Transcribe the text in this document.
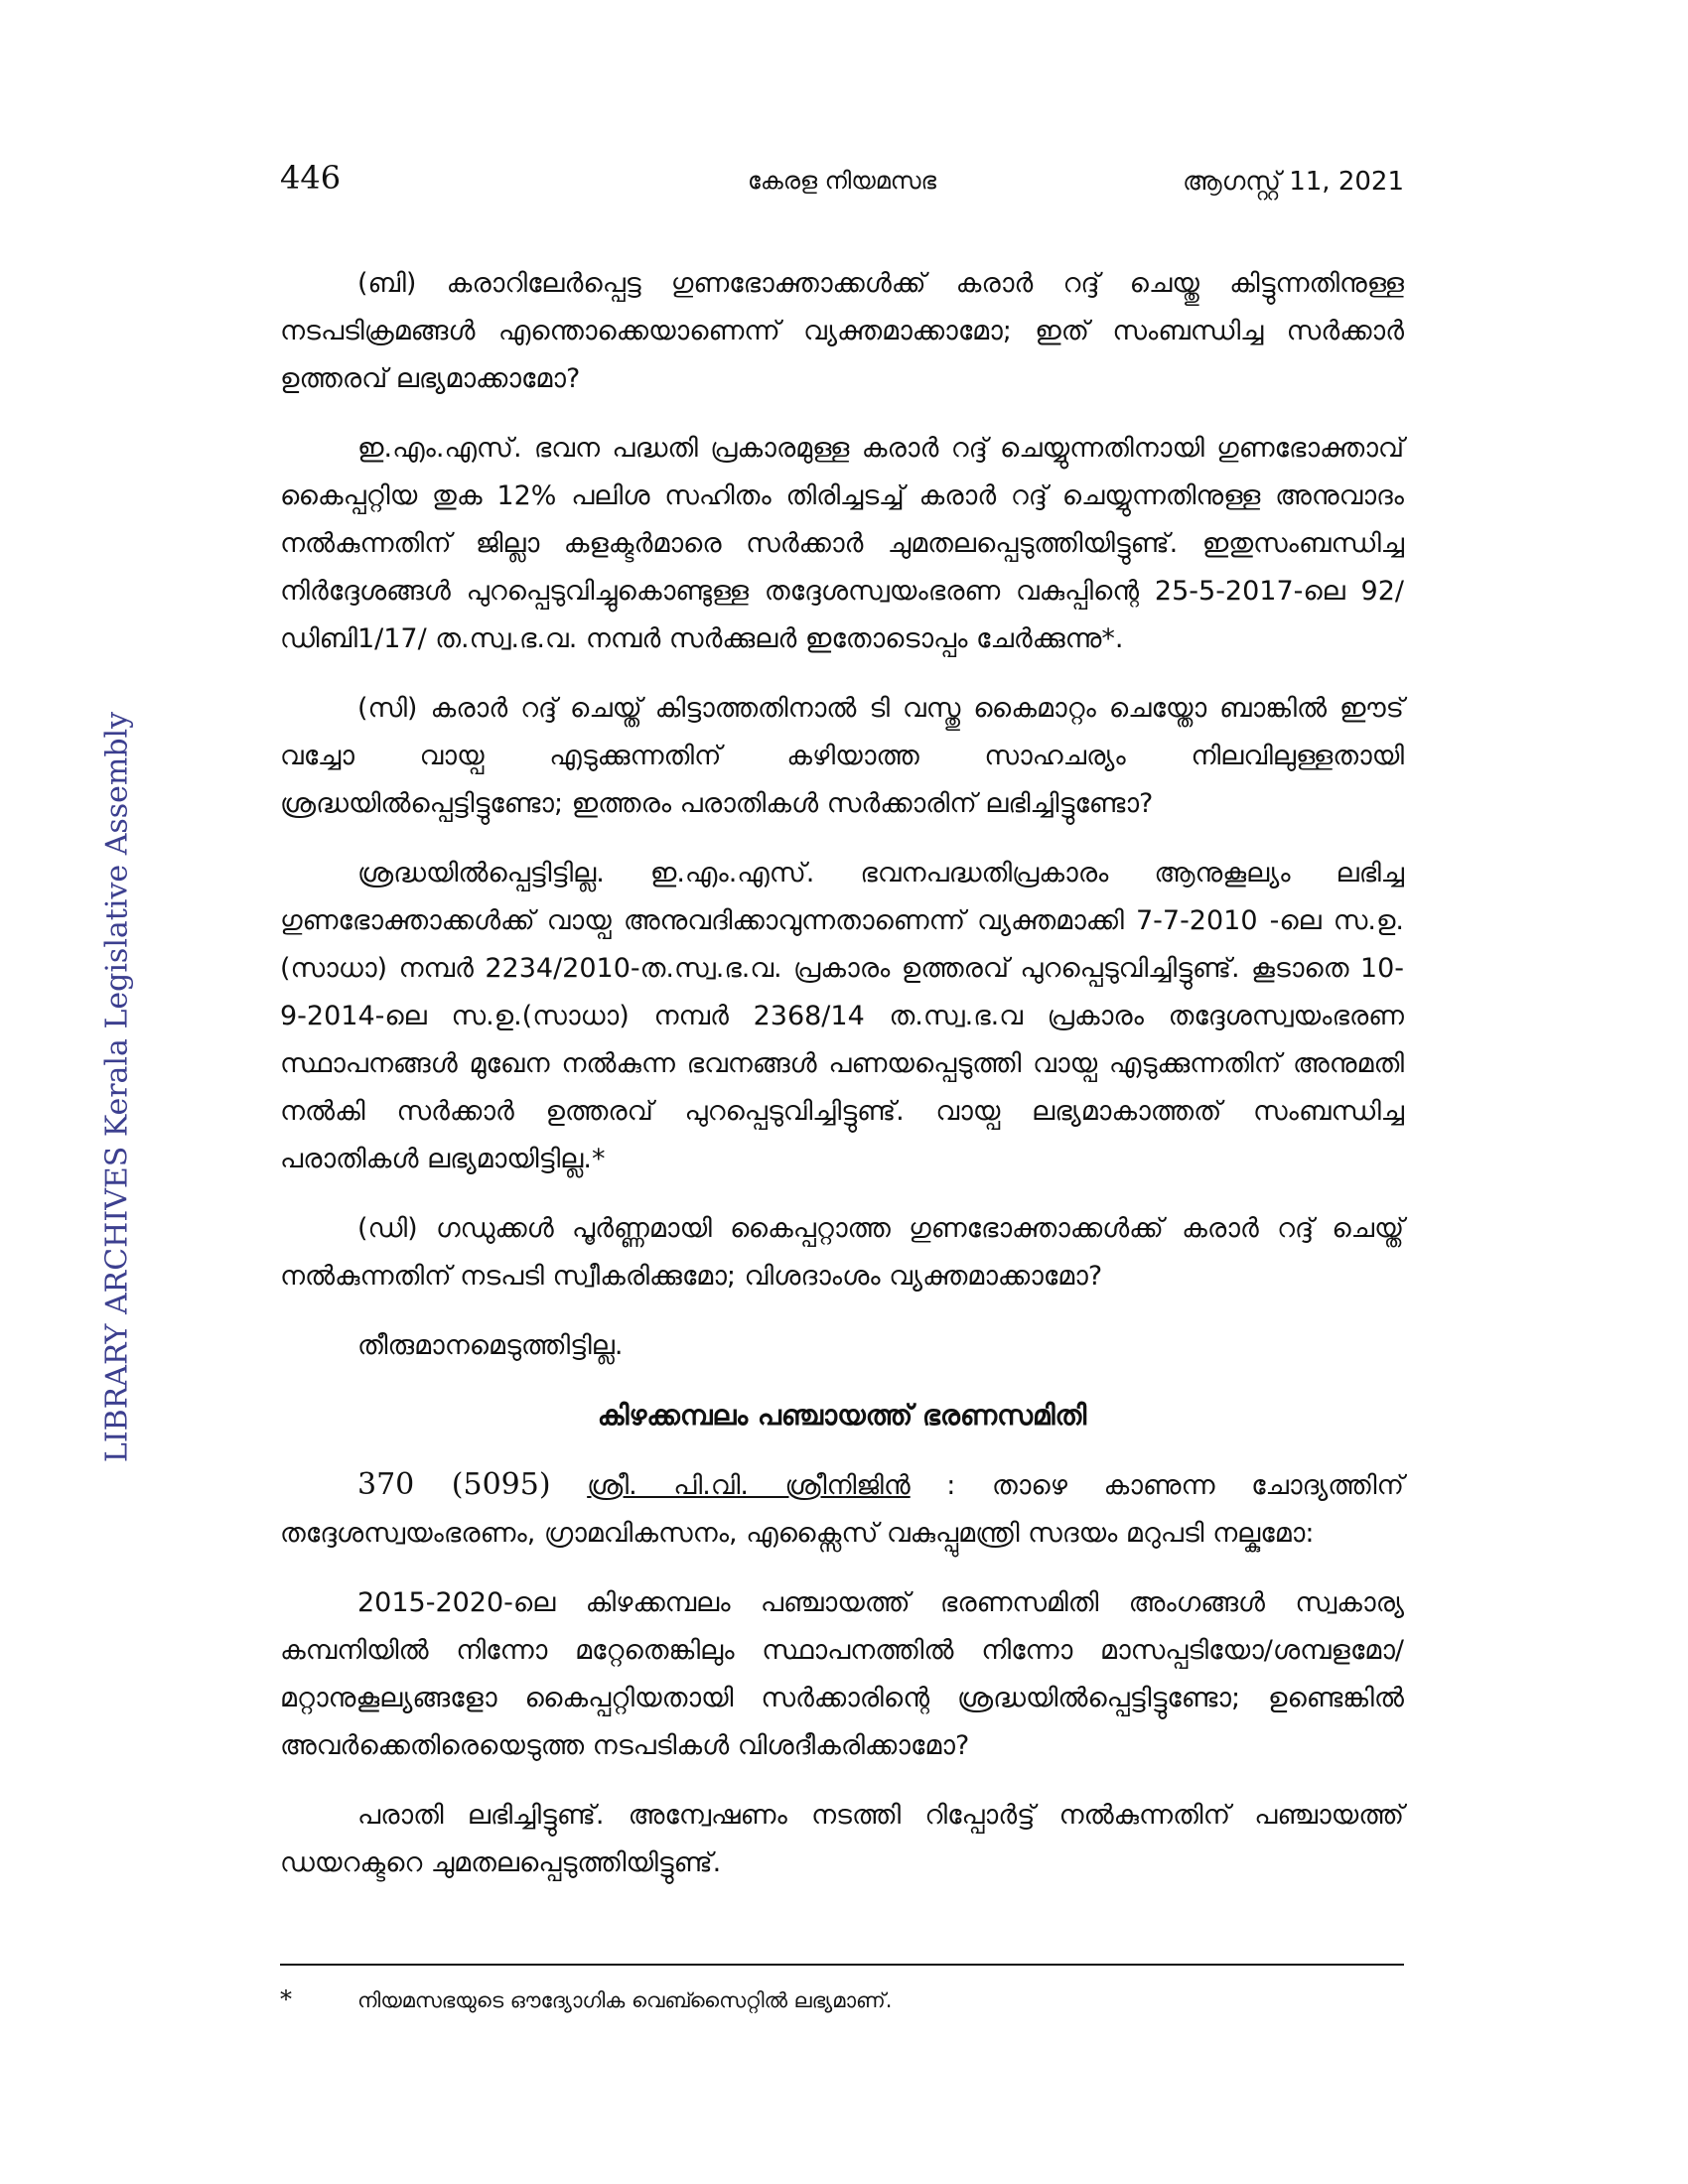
446	കേരള നിയമസഭ	ആഗസ്റ്റ് 11, 2021
LIBRARY ARCHIVES Kerala Legislative Assembly

(ബി) കരാറിലേർപ്പെട്ട ഗുണഭോക്താക്കൾക്ക് കരാർ റദ്ദ് ചെയ്തു കിട്ടുന്നതിനുള്ള നടപടിക്രമങ്ങൾ എന്തൊക്കെയാണെന്ന് വ്യക്തമാക്കാമോ; ഇത് സംബന്ധിച്ച സർക്കാർ ഉത്തരവ് ലഭ്യമാക്കാമോ?

ഇ.എം.എസ്. ഭവന പദ്ധതി പ്രകാരമുള്ള കരാർ റദ്ദ് ചെയ്യുന്നതിനായി ഗുണഭോക്താവ് കൈപ്പറ്റിയ തുക 12% പലിശ സഹിതം തിരിച്ചടച്ച് കരാർ റദ്ദ് ചെയ്യുന്നതിനുള്ള അനുവാദം നൽകുന്നതിന് ജില്ലാ കളക്ടർമാരെ സർക്കാർ ചുമതലപ്പെടുത്തിയിട്ടുണ്ട്. ഇതുസംബന്ധിച്ച നിർദ്ദേശങ്ങൾ പുറപ്പെടുവിച്ചുകൊണ്ടുള്ള തദ്ദേശസ്വയംഭരണ വകുപ്പിന്റെ 25-5-2017-ലെ 92/ഡിബി1/17/ ത.സ്വ.ഭ.വ. നമ്പർ സർക്കുലർ ഇതോടൊപ്പം ചേർക്കുന്നു*.

(സി) കരാർ റദ്ദ് ചെയ്ത് കിട്ടാത്തതിനാൽ ടി വസ്തു കൈമാറ്റം ചെയ്തോ ബാങ്കിൽ ഈട് വച്ചോ വായ്പ എടുക്കുന്നതിന് കഴിയാത്ത സാഹചര്യം നിലവിലുള്ളതായി ശ്രദ്ധയിൽപ്പെട്ടിട്ടുണ്ടോ; ഇത്തരം പരാതികൾ സർക്കാരിന് ലഭിച്ചിട്ടുണ്ടോ?

ശ്രദ്ധയിൽപ്പെട്ടിട്ടില്ല. ഇ.എം.എസ്. ഭവനപദ്ധതിപ്രകാരം ആനുകൂല്യം ലഭിച്ച ഗുണഭോക്താക്കൾക്ക് വായ്പ അനുവദിക്കാവുന്നതാണെന്ന് വ്യക്തമാക്കി 7-7-2010 -ലെ സ.ഉ.(സാധാ) നമ്പർ 2234/2010-ത.സ്വ.ഭ.വ. പ്രകാരം ഉത്തരവ് പുറപ്പെടുവിച്ചിട്ടുണ്ട്. കൂടാതെ 10-9-2014-ലെ സ.ഉ.(സാധാ) നമ്പർ 2368/14 ത.സ്വ.ഭ.വ പ്രകാരം തദ്ദേശസ്വയംഭരണ സ്ഥാപനങ്ങൾ മുഖേന നൽകുന്ന ഭവനങ്ങൾ പണയപ്പെടുത്തി വായ്പ എടുക്കുന്നതിന് അനുമതി നൽകി സർക്കാർ ഉത്തരവ് പുറപ്പെടുവിച്ചിട്ടുണ്ട്. വായ്പ ലഭ്യമാകാത്തത് സംബന്ധിച്ച പരാതികൾ ലഭ്യമായിട്ടില്ല.*

(ഡി) ഗഡുക്കൾ പൂർണ്ണമായി കൈപ്പറ്റാത്ത ഗുണഭോക്താക്കൾക്ക് കരാർ റദ്ദ് ചെയ്ത് നൽകുന്നതിന് നടപടി സ്വീകരിക്കുമോ; വിശദാംശം വ്യക്തമാക്കാമോ?

തീരുമാനമെടുത്തിട്ടില്ല.

കിഴക്കമ്പലം പഞ്ചായത്ത് ഭരണസമിതി

370 (5095) ശ്രീ. പി.വി. ശ്രീനിജിൻ : താഴെ കാണുന്ന ചോദ്യത്തിന് തദ്ദേശസ്വയംഭരണം, ഗ്രാമവികസനം, എക്സൈസ് വകുപ്പുമന്ത്രി സദയം മറുപടി നല്കുമോ:

2015-2020-ലെ കിഴക്കമ്പലം പഞ്ചായത്ത് ഭരണസമിതി അംഗങ്ങൾ സ്വകാര്യ കമ്പനിയിൽ നിന്നോ മറ്റേതെങ്കിലും സ്ഥാപനത്തിൽ നിന്നോ മാസപ്പടിയോ/ശമ്പളമോ/മറ്റാനുകൂല്യങ്ങളോ കൈപ്പറ്റിയതായി സർക്കാരിന്റെ ശ്രദ്ധയിൽപ്പെട്ടിട്ടുണ്ടോ; ഉണ്ടെങ്കിൽ അവർക്കെതിരെയെടുത്ത നടപടികൾ വിശദീകരിക്കാമോ?

പരാതി ലഭിച്ചിട്ടുണ്ട്. അന്വേഷണം നടത്തി റിപ്പോർട്ട് നൽകുന്നതിന് പഞ്ചായത്ത് ഡയറക്ടറെ ചുമതലപ്പെടുത്തിയിട്ടുണ്ട്.

*	നിയമസഭയുടെ ഔദ്യോഗിക വെബ്സൈറ്റിൽ ലഭ്യമാണ്.
